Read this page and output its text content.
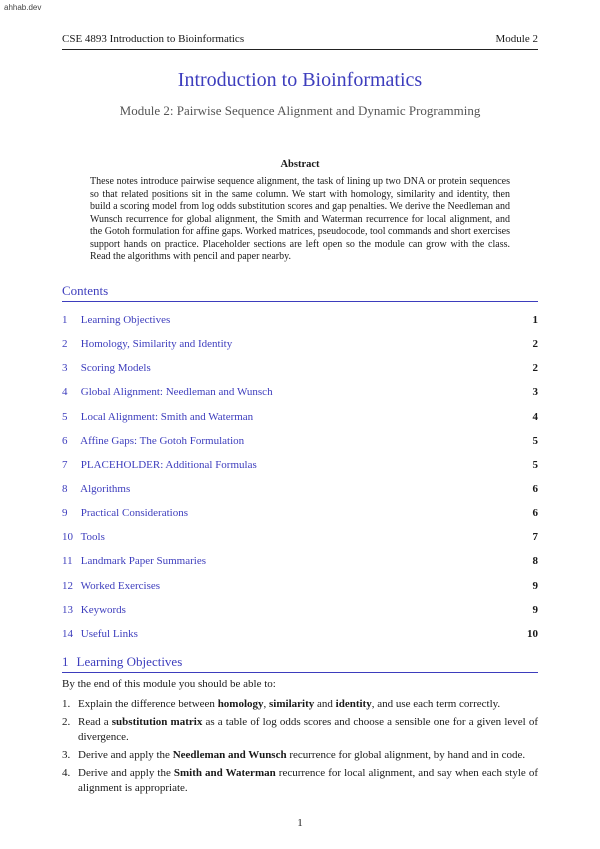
ahhab.dev
CSE 4893 Introduction to Bioinformatics	Module 2
Introduction to Bioinformatics
Module 2: Pairwise Sequence Alignment and Dynamic Programming
Abstract
These notes introduce pairwise sequence alignment, the task of lining up two DNA or protein sequences so that related positions sit in the same column. We start with homology, similarity and identity, then build a scoring model from log odds substitution scores and gap penalties. We derive the Needleman and Wunsch recurrence for global alignment, the Smith and Waterman recurrence for local alignment, and the Gotoh formulation for affine gaps. Worked matrices, pseudocode, tool commands and short exercises support hands on practice. Placeholder sections are left open so the module can grow with the class. Read the algorithms with pencil and paper nearby.
Contents
1 Learning Objectives	1
2 Homology, Similarity and Identity	2
3 Scoring Models	2
4 Global Alignment: Needleman and Wunsch	3
5 Local Alignment: Smith and Waterman	4
6 Affine Gaps: The Gotoh Formulation	5
7 PLACEHOLDER: Additional Formulas	5
8 Algorithms	6
9 Practical Considerations	6
10 Tools	7
11 Landmark Paper Summaries	8
12 Worked Exercises	9
13 Keywords	9
14 Useful Links	10
1 Learning Objectives
By the end of this module you should be able to:
1. Explain the difference between homology, similarity and identity, and use each term correctly.
2. Read a substitution matrix as a table of log odds scores and choose a sensible one for a given level of divergence.
3. Derive and apply the Needleman and Wunsch recurrence for global alignment, by hand and in code.
4. Derive and apply the Smith and Waterman recurrence for local alignment, and say when each style of alignment is appropriate.
1
